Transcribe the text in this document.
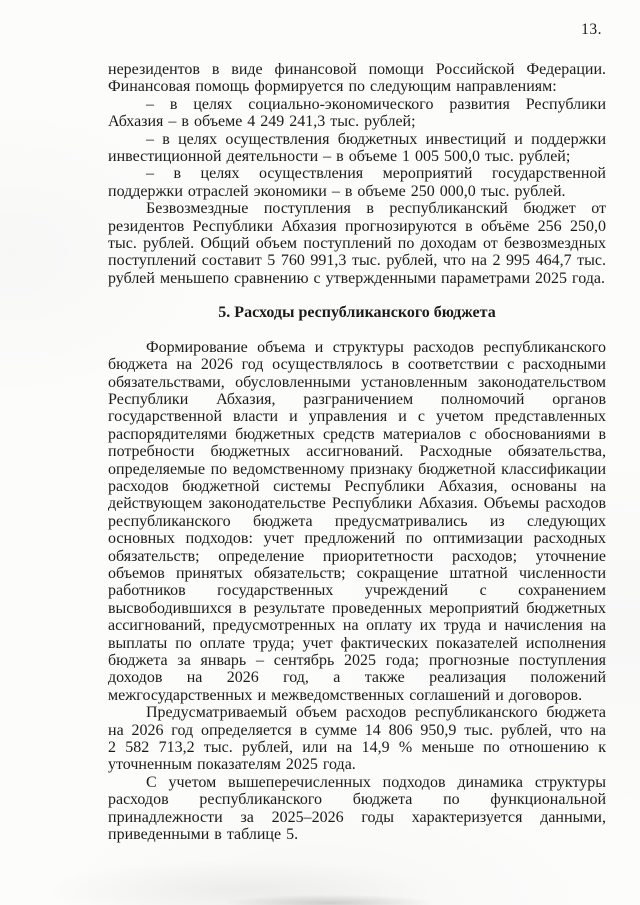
13.

нерезидентов в виде финансовой помощи Российской Федерации. Финансовая помощь формируется по следующим направлениям:

– в целях социально-экономического развития Республики Абхазия – в объеме 4 249 241,3 тыс. рублей;

– в целях осуществления бюджетных инвестиций и поддержки инвестиционной деятельности – в объеме 1 005 500,0 тыс. рублей;

– в целях осуществления мероприятий государственной поддержки отраслей экономики – в объеме 250 000,0 тыс. рублей.

Безвозмездные поступления в республиканский бюджет от резидентов Республики Абхазия прогнозируются в объёме 256 250,0 тыс. рублей. Общий объем поступлений по доходам от безвозмездных поступлений составит 5 760 991,3 тыс. рублей, что на 2 995 464,7 тыс. рублей меньшепо сравнению с утвержденными параметрами 2025 года.

5. Расходы республиканского бюджета

Формирование объема и структуры расходов республиканского бюджета на 2026 год осуществлялось в соответствии с расходными обязательствами, обусловленными установленным законодательством Республики Абхазия, разграничением полномочий органов государственной власти и управления и с учетом представленных распорядителями бюджетных средств материалов с обоснованиями в потребности бюджетных ассигнований. Расходные обязательства, определяемые по ведомственному признаку бюджетной классификации расходов бюджетной системы Республики Абхазия, основаны на действующем законодательстве Республики Абхазия. Объемы расходов республиканского бюджета предусматривались из следующих основных подходов: учет предложений по оптимизации расходных обязательств; определение приоритетности расходов; уточнение объемов принятых обязательств; сокращение штатной численности работников государственных учреждений с сохранением высвободившихся в результате проведенных мероприятий бюджетных ассигнований, предусмотренных на оплату их труда и начисления на выплаты по оплате труда; учет фактических показателей исполнения бюджета за январь – сентябрь 2025 года; прогнозные поступления доходов на 2026 год, а также реализация положений межгосударственных и межведомственных соглашений и договоров.

Предусматриваемый объем расходов республиканского бюджета на 2026 год определяется в сумме 14 806 950,9 тыс. рублей, что на 2 582 713,2 тыс. рублей, или на 14,9 % меньше по отношению к уточненным показателям 2025 года.

С учетом вышеперечисленных подходов динамика структуры расходов республиканского бюджета по функциональной принадлежности за 2025–2026 годы характеризуется данными, приведенными в таблице 5.
